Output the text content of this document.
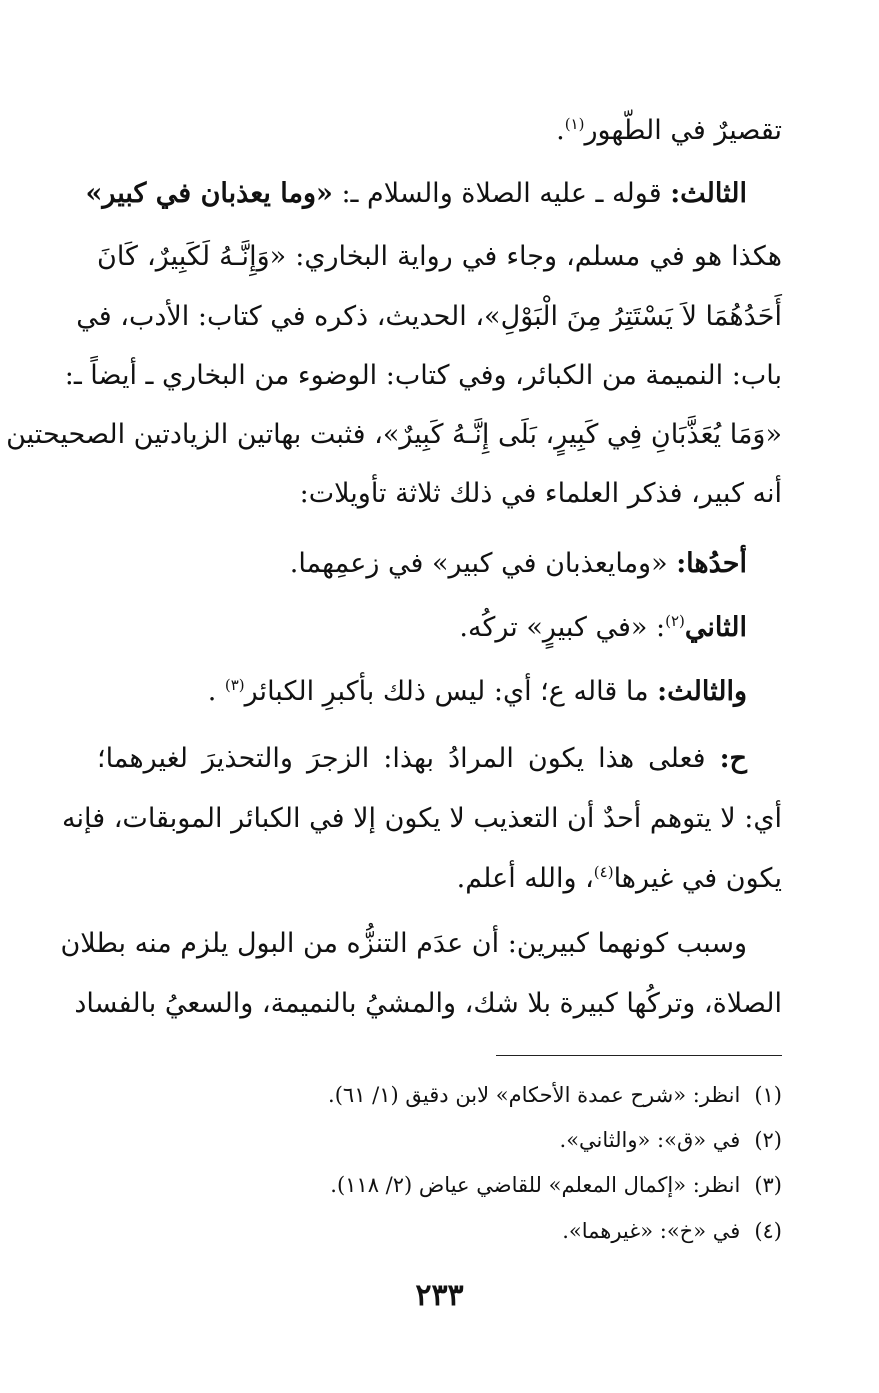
تقصيرٌ في الطّهور$^{(١)}$.
الثالث: قوله ـ عليه الصلاة والسلام ـ: «وما يعذبان في كبير»
هكذا هو في مسلم، وجاء في رواية البخاري: «وَإِنَّـهُ لَكَبِيرٌ، كَانَ
أَحَدُهُمَا لاَ يَسْتَتِرُ مِنَ الْبَوْلِ»، الحديث، ذكره في كتاب: الأدب، في
باب: النميمة من الكبائر، وفي كتاب: الوضوء من البخاري ـ أيضاً ـ:
«وَمَا يُعَذَّبَانِ فِي كَبِيرٍ، بَلَى إِنَّـهُ كَبِيرٌ»، فثبت بهاتين الزيادتين الصحيحتين
أنه كبير، فذكر العلماء في ذلك ثلاثة تأويلات:
أحدُها: «ومايعذبان في كبير» في زعمِهما.
الثاني$^{(٢)}$: «في كبيرٍ» تركُه.
والثالث: ما قاله ع؛ أي: ليس ذلك بأكبرِ الكبائر$^{(٣)}$ .
ح: فعلى هذا يكون المرادُ بهذا: الزجرَ والتحذيرَ لغيرهما؛
أي: لا يتوهم أحدٌ أن التعذيب لا يكون إلا في الكبائر الموبقات، فإنه
يكون في غيرها$^{(٤)}$، والله أعلم.
وسبب كونهما كبيرين: أن عدَم التنزُّه من البول يلزم منه بطلان
الصلاة، وتركُها كبيرة بلا شك، والمشيُ بالنميمة، والسعيُ بالفساد
(١)انظر: «شرح عمدة الأحكام» لابن دقيق (١/ ٦١).
(٢)في «ق»: «والثاني».
(٣)انظر: «إكمال المعلم» للقاضي عياض (٢/ ١١٨).
(٤)في «خ»: «غيرهما».
٢٣٣
